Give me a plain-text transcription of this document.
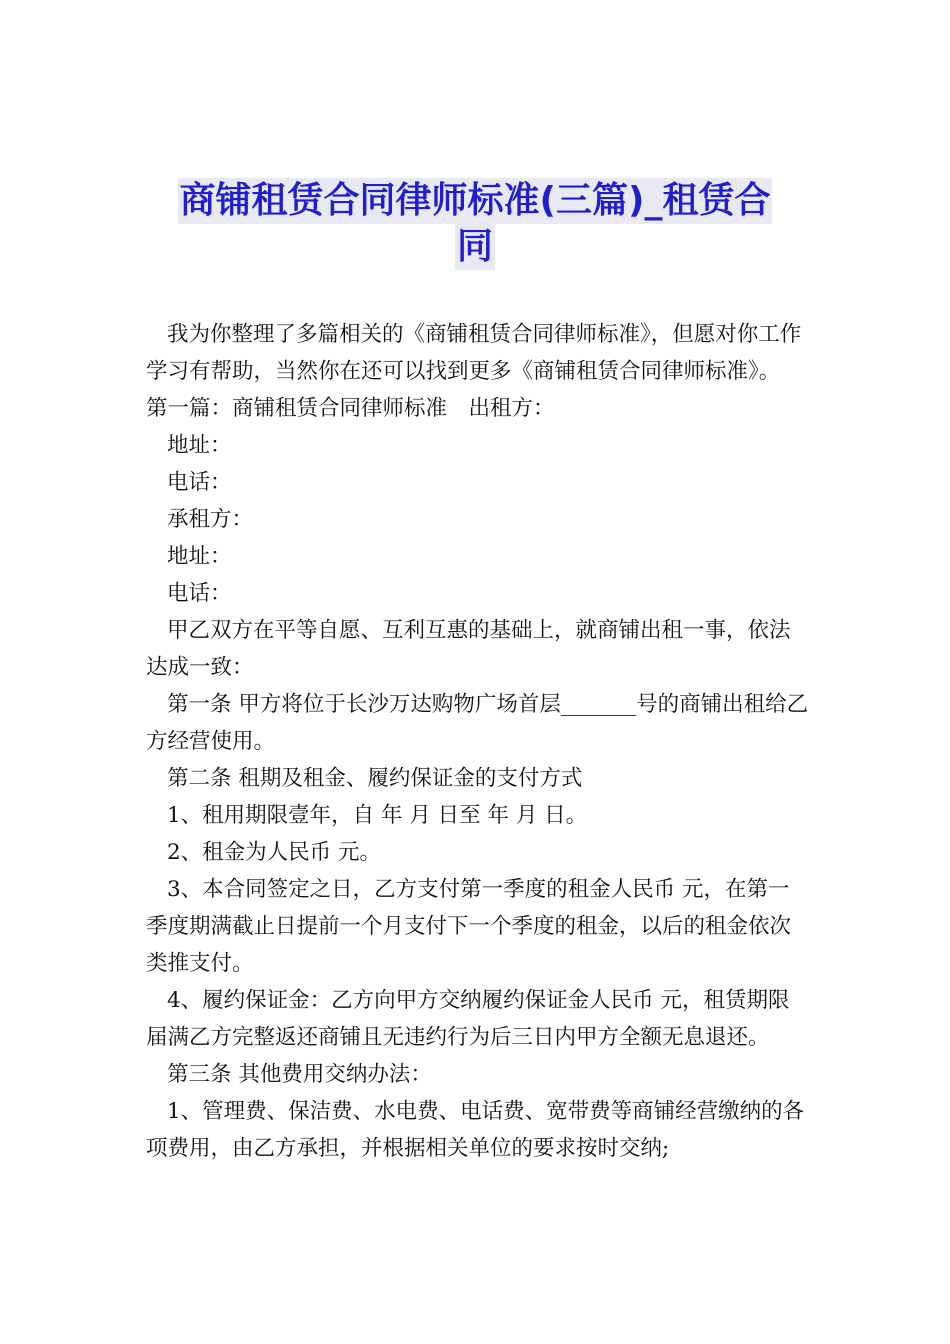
商铺租赁合同律师标准(三篇)_租赁合
同

我为你整理了多篇相关的《商铺租赁合同律师标准》，但愿对你工作学习有帮助，当然你在还可以找到更多《商铺租赁合同律师标准》。

第一篇：商铺租赁合同律师标准　出租方：

地址：

电话：

承租方：

地址：

电话：

甲乙双方在平等自愿、互利互惠的基础上，就商铺出租一事，依法达成一致：

第一条 甲方将位于长沙万达购物广场首层_______号的商铺出租给乙方经营使用。

第二条 租期及租金、履约保证金的支付方式

1、租用期限壹年，自 年 月 日至 年 月 日。

2、租金为人民币 元。

3、本合同签定之日，乙方支付第一季度的租金人民币 元，在第一季度期满截止日提前一个月支付下一个季度的租金，以后的租金依次类推支付。

4、履约保证金：乙方向甲方交纳履约保证金人民币 元，租赁期限届满乙方完整返还商铺且无违约行为后三日内甲方全额无息退还。

第三条 其他费用交纳办法：

1、管理费、保洁费、水电费、电话费、宽带费等商铺经营缴纳的各项费用，由乙方承担，并根据相关单位的要求按时交纳;
